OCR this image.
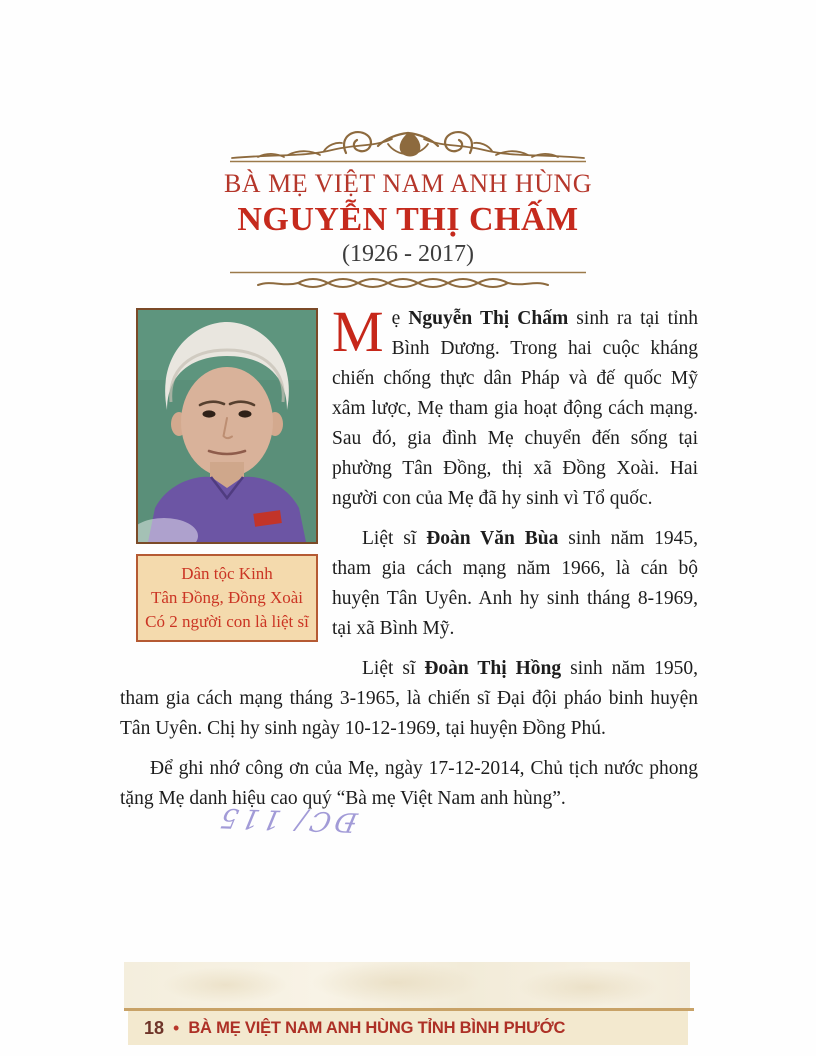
BÀ MẸ VIỆT NAM ANH HÙNG
NGUYỄN THỊ CHẤM
(1926 - 2017)
Dân tộc Kinh
Tân Đồng, Đồng Xoài
Có 2 người con là liệt sĩ

Mẹ Nguyễn Thị Chấm sinh ra tại tỉnh Bình Dương. Trong hai cuộc kháng chiến chống thực dân Pháp và đế quốc Mỹ xâm lược, Mẹ tham gia hoạt động cách mạng. Sau đó, gia đình Mẹ chuyển đến sống tại phường Tân Đồng, thị xã Đồng Xoài. Hai người con của Mẹ đã hy sinh vì Tổ quốc.

Liệt sĩ Đoàn Văn Bùa sinh năm 1945, tham gia cách mạng năm 1966, là cán bộ huyện Tân Uyên. Anh hy sinh tháng 8-1969, tại xã Bình Mỹ.

Liệt sĩ Đoàn Thị Hồng sinh năm 1950, tham gia cách mạng tháng 3-1965, là chiến sĩ Đại đội pháo binh huyện Tân Uyên. Chị hy sinh ngày 10-12-1969, tại huyện Đồng Phú.

Để ghi nhớ công ơn của Mẹ, ngày 17-12-2014, Chủ tịch nước phong tặng Mẹ danh hiệu cao quý “Bà mẹ Việt Nam anh hùng”.

ĐC/ 115
18 • BÀ MẸ VIỆT NAM ANH HÙNG TỈNH BÌNH PHƯỚC
